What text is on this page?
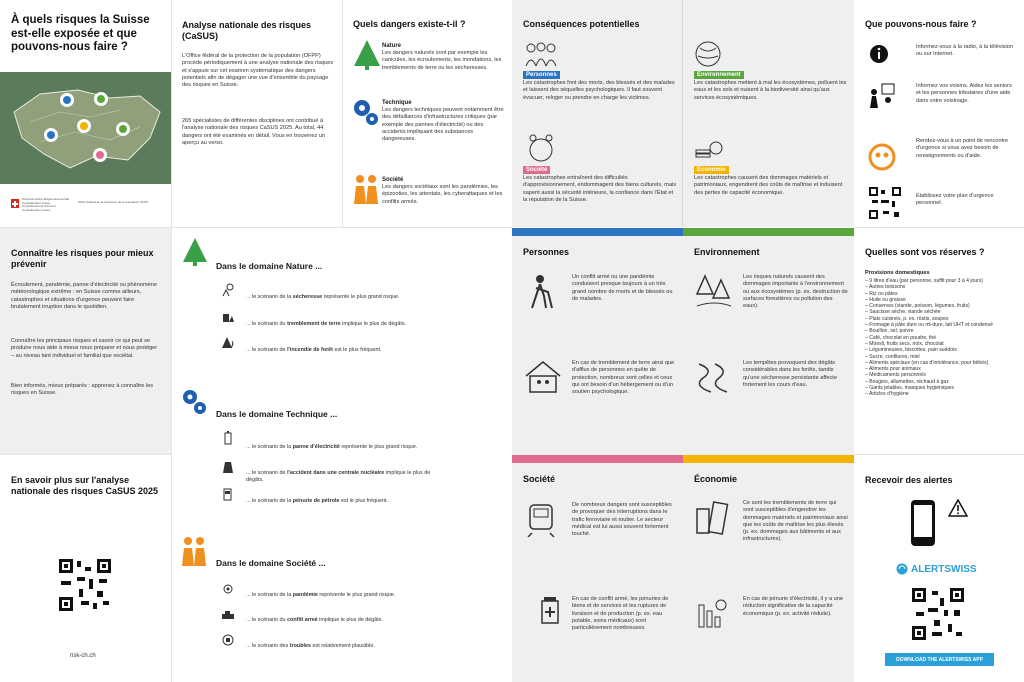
À quels risques la Suisse est-elle exposée et que pouvons-nous faire ?
Schweizerische Eidgenossenschaft
Confédération suisse
Confederazione Svizzera
Confederaziun svizra
Office fédéral de la protection de la population OFPP
Connaître les risques pour mieux prévenir

Écroulement, pandémie, panne d'électricité ou phénomène météorologique extrême : en Suisse comme ailleurs, catastrophes et situations d'urgence peuvent faire brutalement irruption dans le quotidien.

Connaître les principaux risques et savoir ce qui peut se produire nous aide à mieux nous préparer et nous protéger – au niveau tant individuel et familial que sociétal.

Bien informés, mieux préparés : apprenez à connaître les risques en Suisse.

En savoir plus sur l'analyse nationale des risques CaSUS 2025
risk-ch.ch
Analyse nationale des risques (CaSUS)

L'Office fédéral de la protection de la population (OFPP) procède périodiquement à une analyse nationale des risques et s'appuie sur cet examen systématique des dangers potentiels afin de dégager une vue d'ensemble du paysage des risques en Suisse.

265 spécialistes de différentes disciplines ont contribué à l'analyse nationale des risques CaSUS 2025. Au total, 44 dangers ont été examinés en détail. Vous en trouverez un aperçu au verso.

Quels dangers existe-t-il ?
Nature
Les dangers naturels sont par exemple les canicules, les écroulements, les inondations, les tremblements de terre ou les sécheresses.
Technique
Les dangers techniques peuvent notamment être des défaillances d'infrastructures critiques (par exemple des pannes d'électricité) ou des accidents impliquant des substances dangereuses.
Société
Les dangers sociétaux sont les pandémies, les épizooties, les attentats, les cyberattaques et les conflits armés.
Dans le domaine Nature ...
... le scénario de la sécheresse représente le plus grand risque.
... le scénario du tremblement de terre implique le plus de dégâts.
... le scénario de l'incendie de forêt est le plus fréquent.
Dans le domaine Technique ...
... le scénario de la panne d'électricité représente le plus grand risque.
... le scénario de l'accident dans une centrale nucléaire implique le plus de dégâts.
... le scénario de la pénurie de pétrole est le plus fréquent.
Dans le domaine Société ...
... le scénario de la pandémie représente le plus grand risque.
... le scénario du conflit armé implique le plus de dégâts.
... le scénario des troubles est relativement plausible.
Conséquences potentielles
Personnes

Les catastrophes font des morts, des blessés et des malades et laissent des séquelles psychologiques. Il faut souvent évacuer, reloger ou prendre en charge les victimes.

Société

Les catastrophes entraînent des difficultés d'approvisionnement, endommagent des biens culturels, mais sapent aussi la sécurité intérieure, la confiance dans l'État et la réputation de la Suisse.

Environnement

Les catastrophes mettent à mal les écosystèmes, polluent les eaux et les sols et nuisent à la biodiversité ainsi qu'aux services écosystémiques.

Économie

Les catastrophes causent des dommages matériels et patrimoniaux, engendrent des coûts de maîtrise et induisent des pertes de capacité économique.

Personnes

Un conflit armé ou une pandémie conduisent presque toujours à un très grand nombre de morts et de blessés ou de malades.

En cas de tremblement de terre ainsi que d'afflux de personnes en quête de protection, nombreux sont celles et ceux qui ont besoin d'un hébergement ou d'un soutien psychologique.

Environnement

Les risques naturels causent des dommages importants à l'environnement ou aux écosystèmes (p. ex. destruction de surfaces forestières ou pollution des eaux).

Les tempêtes provoquent des dégâts considérables dans les forêts, tandis qu'une sécheresse persistante affecte fortement les cours d'eau.

Société

De nombreux dangers sont susceptibles de provoquer des interruptions dans le trafic ferroviaire et routier. Le secteur médical est lui aussi souvent fortement touché.

En cas de conflit armé, les pénuries de biens et de services et les ruptures de livraison et de production (p. ex. eau potable, soins médicaux) sont particulièrement nombreuses.

Économie

Ce sont les tremblements de terre qui sont susceptibles d'engendrer les dommages matériels et patrimoniaux ainsi que les coûts de maîtrise les plus élevés (p. ex. dommages aux bâtiments et aux infrastructures).

En cas de pénurie d'électricité, il y a une réduction significative de la capacité économique (p. ex. activité réduite).

Que pouvons-nous faire ?

Informez-vous à la radio, à la télévision ou sur Internet.

Informez vos voisins. Aidez les seniors et les personnes tributaires d'une aide dans votre voisinage.

Rendez-vous à un point de rencontre d'urgence si vous avez besoin de renseignements ou d'aide.

Établissez votre plan d'urgence personnel.

Quelles sont vos réserves ?
Provisions domestiques
– 9 litres d'eau (par personne, suffit pour 3 à 4 jours)
– Autres boissons
– Riz ou pâtes
– Huile ou graisse
– Conserves (viande, poisson, légumes, fruits)
– Saucisse sèche, viande séchée
– Plats cuisinés, p. ex. röstis, soupes
– Fromage à pâte dure ou mi-dure, lait UHT et condensé
– Bouillon, sel, poivre
– Café, chocolat en poudre, thé
– Müesli, fruits secs, noix, chocolat
– Légumineuses, biscottes, pain suédois
– Sucre, confitures, miel
– Aliments spéciaux (en cas d'intolérance, pour bébés)
– Aliments pour animaux
– Médicaments personnels
– Bougies, allumettes, réchaud à gaz
– Gants jetables, masques hygiéniques
– Articles d'hygiène
Recevoir des alertes
ALERTSWISS
DOWNLOAD THE ALERTSWISS APP
